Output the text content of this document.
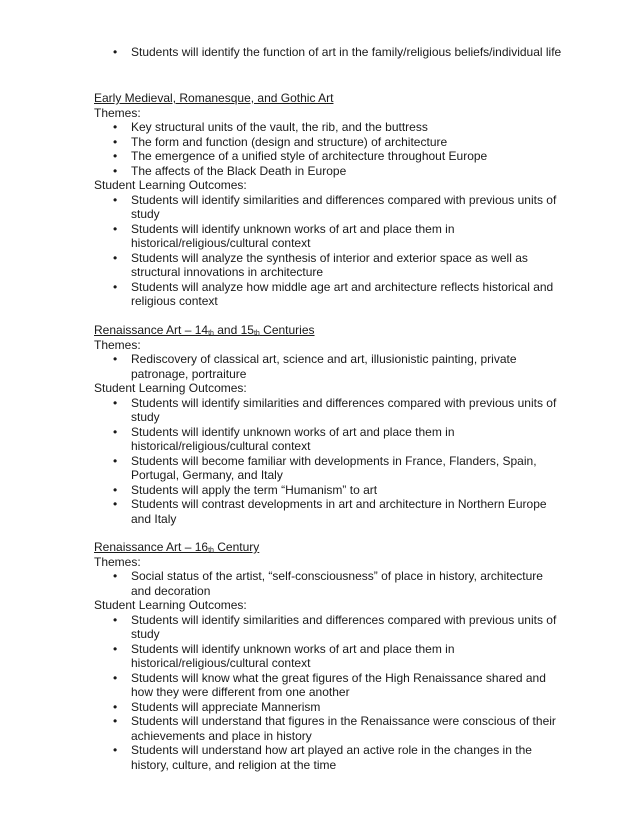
• Students will identify the function of art in the family/religious beliefs/individual life

Early Medieval, Romanesque, and Gothic Art

Themes:

• Key structural units of the vault, the rib, and the buttress
• The form and function (design and structure) of architecture
• The emergence of a unified style of architecture throughout Europe
• The affects of the Black Death in Europe

Student Learning Outcomes:

• Students will identify similarities and differences compared with previous units of study
• Students will identify unknown works of art and place them in historical/religious/cultural context
• Students will analyze the synthesis of interior and exterior space as well as structural innovations in architecture
• Students will analyze how middle age art and architecture reflects historical and religious context

Renaissance Art – $14_{th}$ and $15_{th}$ Centuries

Themes:

• Rediscovery of classical art, science and art, illusionistic painting, private patronage, portraiture

Student Learning Outcomes:

• Students will identify similarities and differences compared with previous units of study
• Students will identify unknown works of art and place them in historical/religious/cultural context
• Students will become familiar with developments in France, Flanders, Spain, Portugal, Germany, and Italy
• Students will apply the term “Humanism” to art
• Students will contrast developments in art and architecture in Northern Europe and Italy

Renaissance Art – $16_{th}$ Century

Themes:

• Social status of the artist, “self-consciousness” of place in history, architecture and decoration

Student Learning Outcomes:

• Students will identify similarities and differences compared with previous units of study
• Students will identify unknown works of art and place them in historical/religious/cultural context
• Students will know what the great figures of the High Renaissance shared and how they were different from one another
• Students will appreciate Mannerism
• Students will understand that figures in the Renaissance were conscious of their achievements and place in history
• Students will understand how art played an active role in the changes in the history, culture, and religion at the time
